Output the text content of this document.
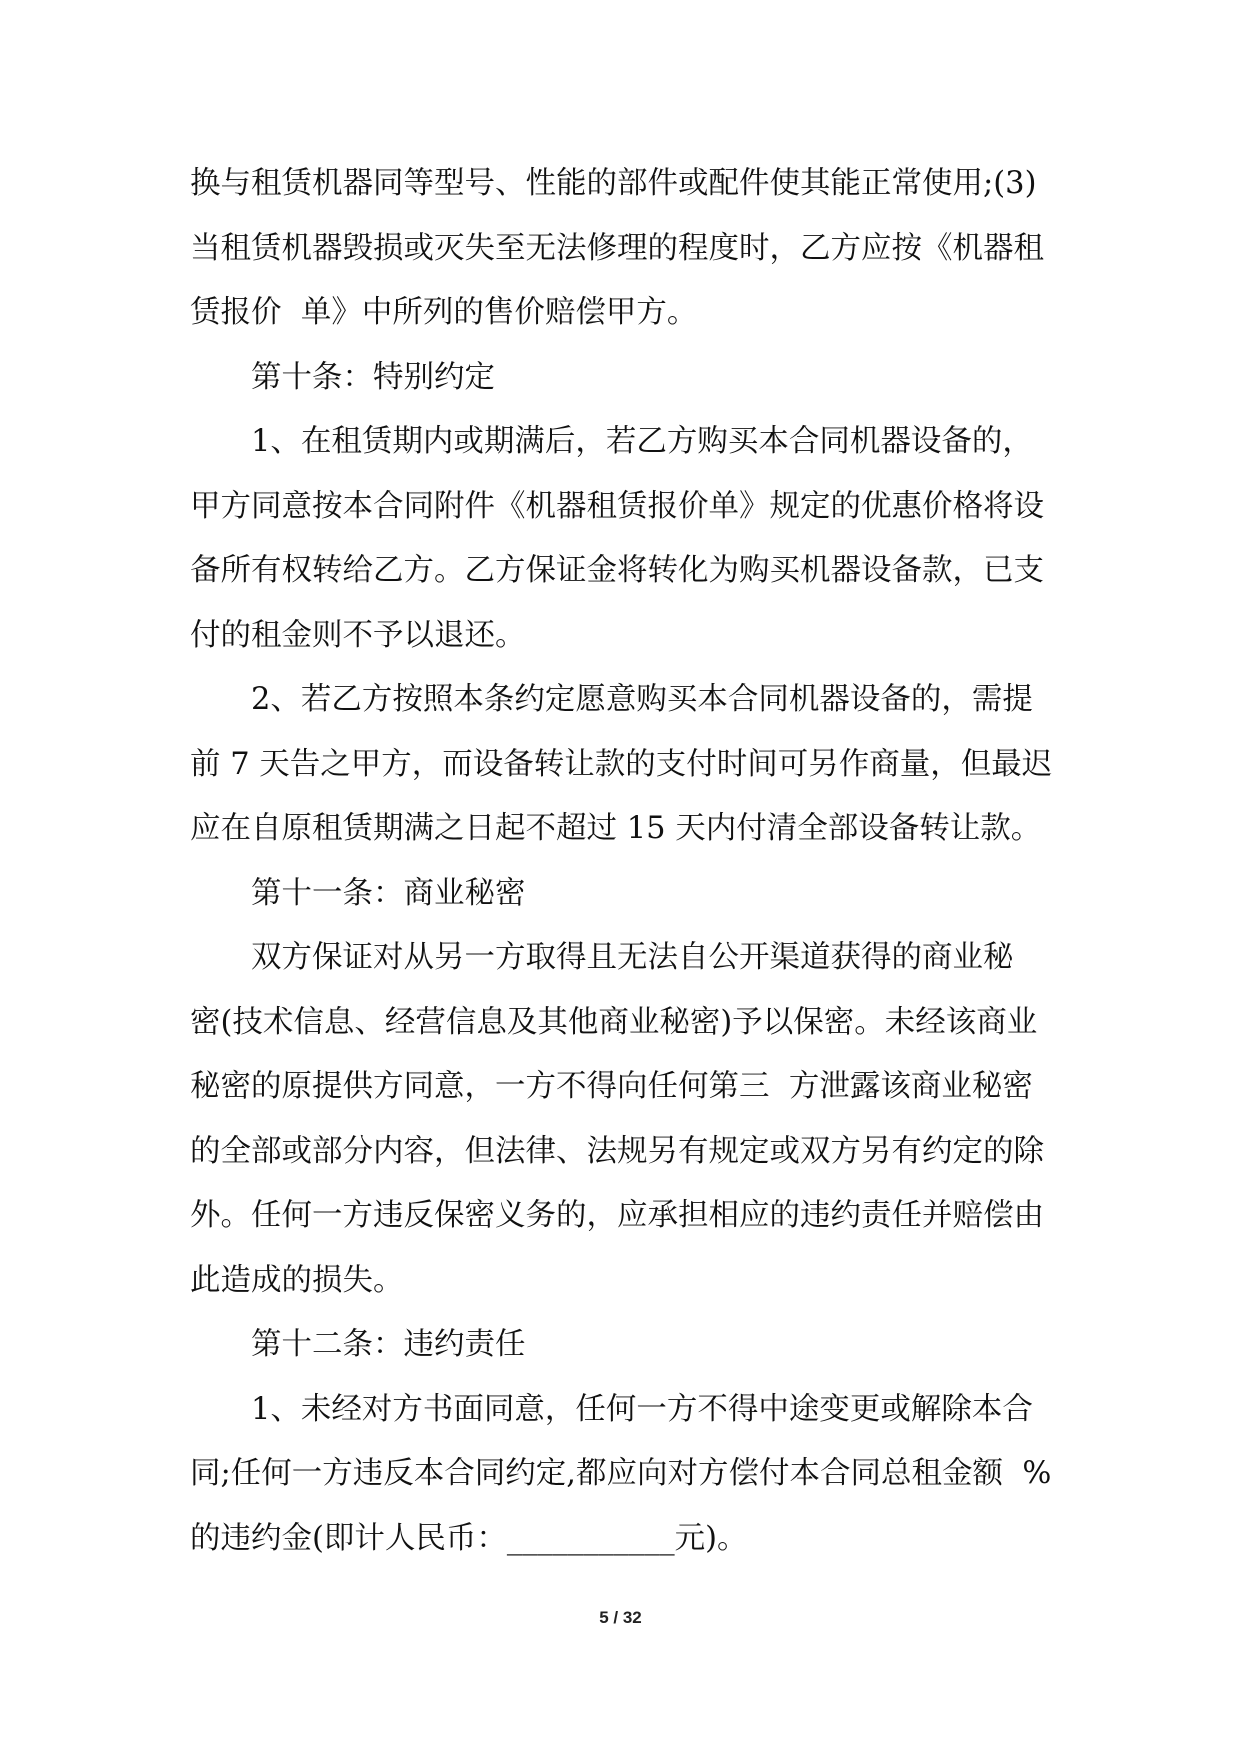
换与租赁机器同等型号、性能的部件或配件使其能正常使用;(3)
当租赁机器毁损或灭失至无法修理的程度时，乙方应按《机器租
赁报价  单》中所列的售价赔偿甲方。
第十条：特别约定
1、在租赁期内或期满后，若乙方购买本合同机器设备的，
甲方同意按本合同附件《机器租赁报价单》规定的优惠价格将设
备所有权转给乙方。乙方保证金将转化为购买机器设备款，已支
付的租金则不予以退还。
2、若乙方按照本条约定愿意购买本合同机器设备的，需提
前 7 天告之甲方，而设备转让款的支付时间可另作商量，但最迟
应在自原租赁期满之日起不超过 15 天内付清全部设备转让款。
第十一条：商业秘密
双方保证对从另一方取得且无法自公开渠道获得的商业秘
密(技术信息、经营信息及其他商业秘密)予以保密。未经该商业
秘密的原提供方同意，一方不得向任何第三  方泄露该商业秘密
的全部或部分内容，但法律、法规另有规定或双方另有约定的除
外。任何一方违反保密义务的，应承担相应的违约责任并赔偿由
此造成的损失。
第十二条：违约责任
1、未经对方书面同意，任何一方不得中途变更或解除本合
同;任何一方违反本合同约定,都应向对方偿付本合同总租金额  %
的违约金(即计人民币：___________元)。
5 / 32
